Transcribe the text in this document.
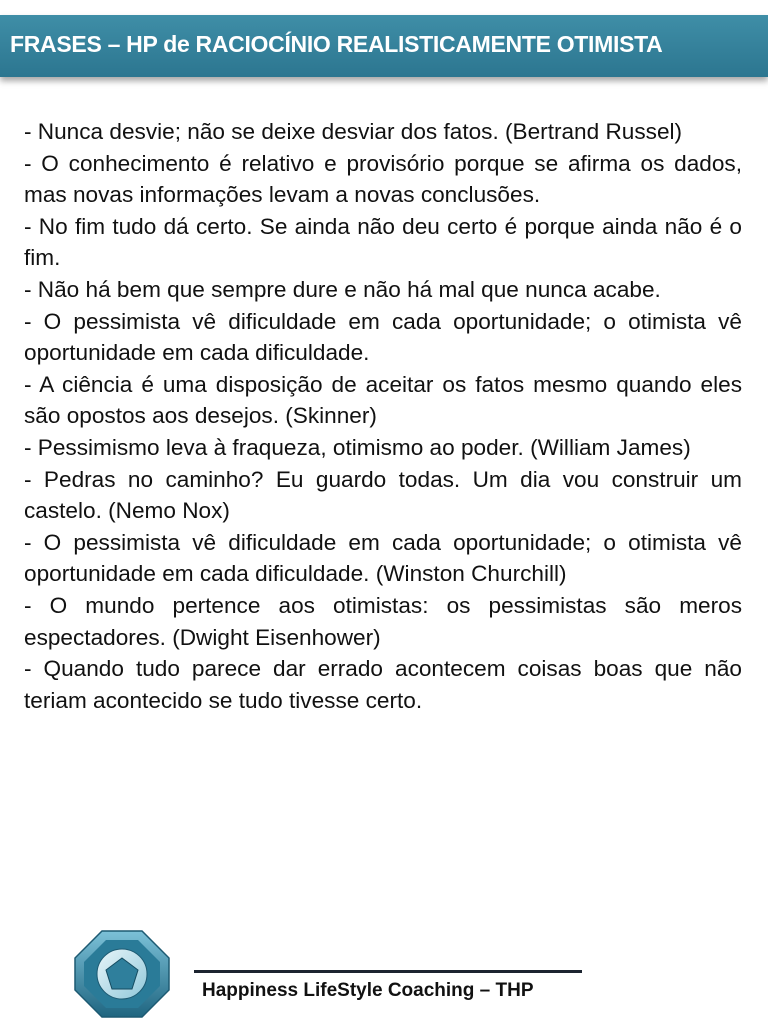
FRASES – HP de RACIOCÍNIO REALISTICAMENTE OTIMISTA
- Nunca desvie; não se deixe desviar dos fatos. (Bertrand Russel)
- O conhecimento é relativo e provisório porque se afirma os dados, mas novas informações levam a novas conclusões.
- No fim tudo dá certo. Se ainda não deu certo é porque ainda não é o fim.
- Não há bem que sempre dure e não há mal que nunca acabe.
- O pessimista vê dificuldade em cada oportunidade; o otimista vê oportunidade em cada dificuldade.
- A ciência é uma disposição de aceitar os fatos mesmo quando eles são opostos aos desejos. (Skinner)
- Pessimismo leva à fraqueza, otimismo ao poder. (William James)
- Pedras no caminho? Eu guardo todas. Um dia vou construir um castelo. (Nemo Nox)
- O pessimista vê dificuldade em cada oportunidade; o otimista vê oportunidade em cada dificuldade. (Winston Churchill)
- O mundo pertence aos otimistas: os pessimistas são meros espectadores. (Dwight Eisenhower)
- Quando tudo parece dar errado acontecem coisas boas que não teriam acontecido se tudo tivesse certo.
Happiness LifeStyle Coaching – THP
